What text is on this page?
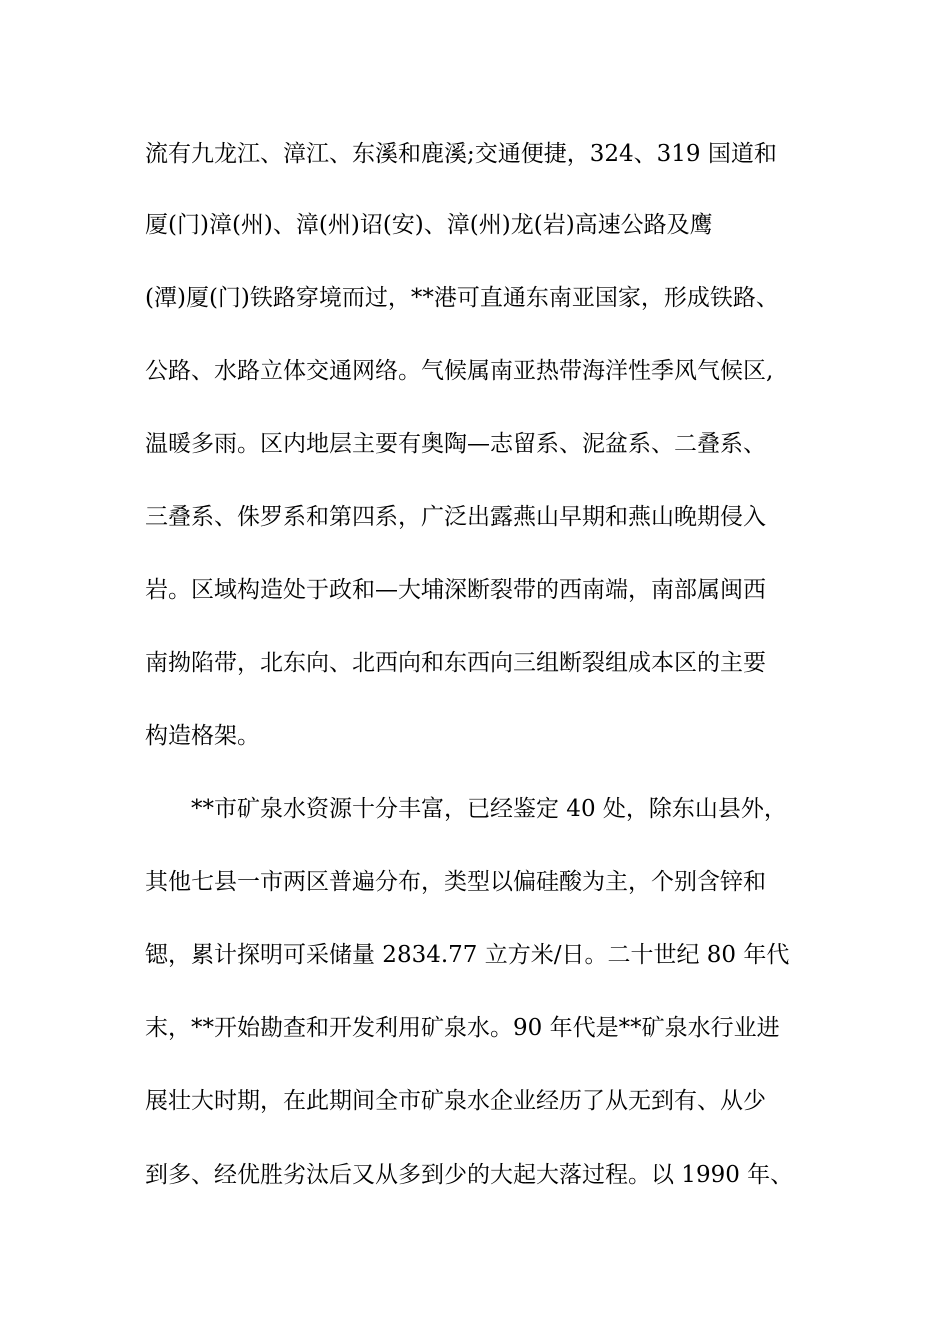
流有九龙江、漳江、东溪和鹿溪;交通便捷，324、319 国道和
厦(门)漳(州)、漳(州)诏(安)、漳(州)龙(岩)高速公路及鹰
(潭)厦(门)铁路穿境而过，**港可直通东南亚国家，形成铁路、
公路、水路立体交通网络。气候属南亚热带海洋性季风气候区,
温暖多雨。区内地层主要有奥陶—志留系、泥盆系、二叠系、
三叠系、侏罗系和第四系，广泛出露燕山早期和燕山晚期侵入
岩。区域构造处于政和—大埔深断裂带的西南端，南部属闽西
南拗陷带，北东向、北西向和东西向三组断裂组成本区的主要
构造格架。
**市矿泉水资源十分丰富，已经鉴定 40 处，除东山县外，
其他七县一市两区普遍分布，类型以偏硅酸为主，个别含锌和
锶，累计探明可采储量 2834.77 立方米/日。二十世纪 80 年代
末，**开始勘查和开发利用矿泉水。90 年代是**矿泉水行业进
展壮大时期，在此期间全市矿泉水企业经历了从无到有、从少
到多、经优胜劣汰后又从多到少的大起大落过程。以 1990 年、
